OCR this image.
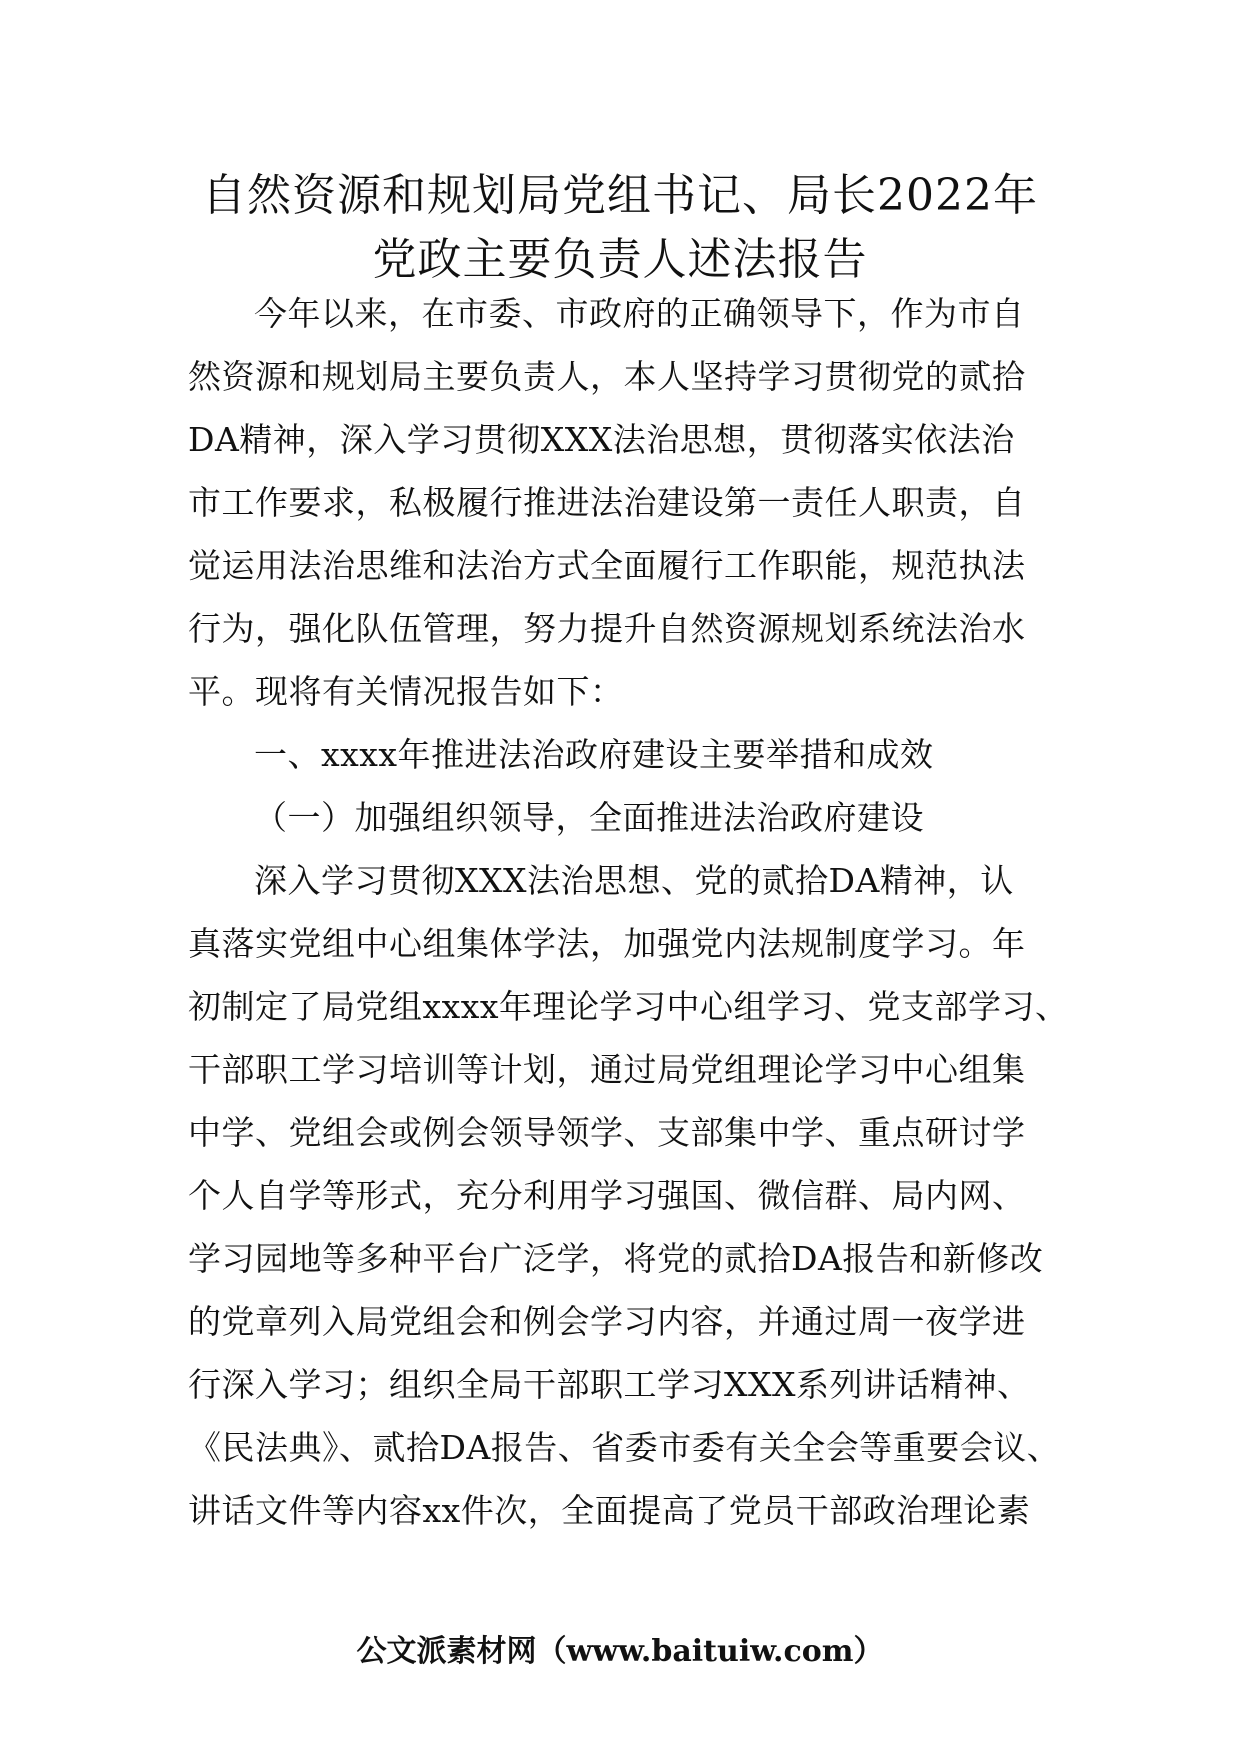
自然资源和规划局党组书记、局长2022年
党政主要负责人述法报告
今年以来，在市委、市政府的正确领导下，作为市自
然资源和规划局主要负责人，本人坚持学习贯彻党的贰拾
DA精神，深入学习贯彻XXX法治思想，贯彻落实依法治
市工作要求，私极履行推进法治建设第一责任人职责，自
觉运用法治思维和法治方式全面履行工作职能，规范执法
行为，强化队伍管理，努力提升自然资源规划系统法治水
平。现将有关情况报告如下：
一、xxxx年推进法治政府建设主要举措和成效
（一）加强组织领导，全面推进法治政府建设
深入学习贯彻XXX法治思想、党的贰拾DA精神，认
真落实党组中心组集体学法，加强党内法规制度学习。年
初制定了局党组xxxx年理论学习中心组学习、党支部学习、
干部职工学习培训等计划，通过局党组理论学习中心组集
中学、党组会或例会领导领学、支部集中学、重点研讨学
个人自学等形式，充分利用学习强国、微信群、局内网、
学习园地等多种平台广泛学，将党的贰拾DA报告和新修改
的党章列入局党组会和例会学习内容，并通过周一夜学进
行深入学习；组织全局干部职工学习XXX系列讲话精神、
《民法典》、贰拾DA报告、省委市委有关全会等重要会议、
讲话文件等内容xx件次，全面提高了党员干部政治理论素
公文派素材网（www.baituiw.com）
